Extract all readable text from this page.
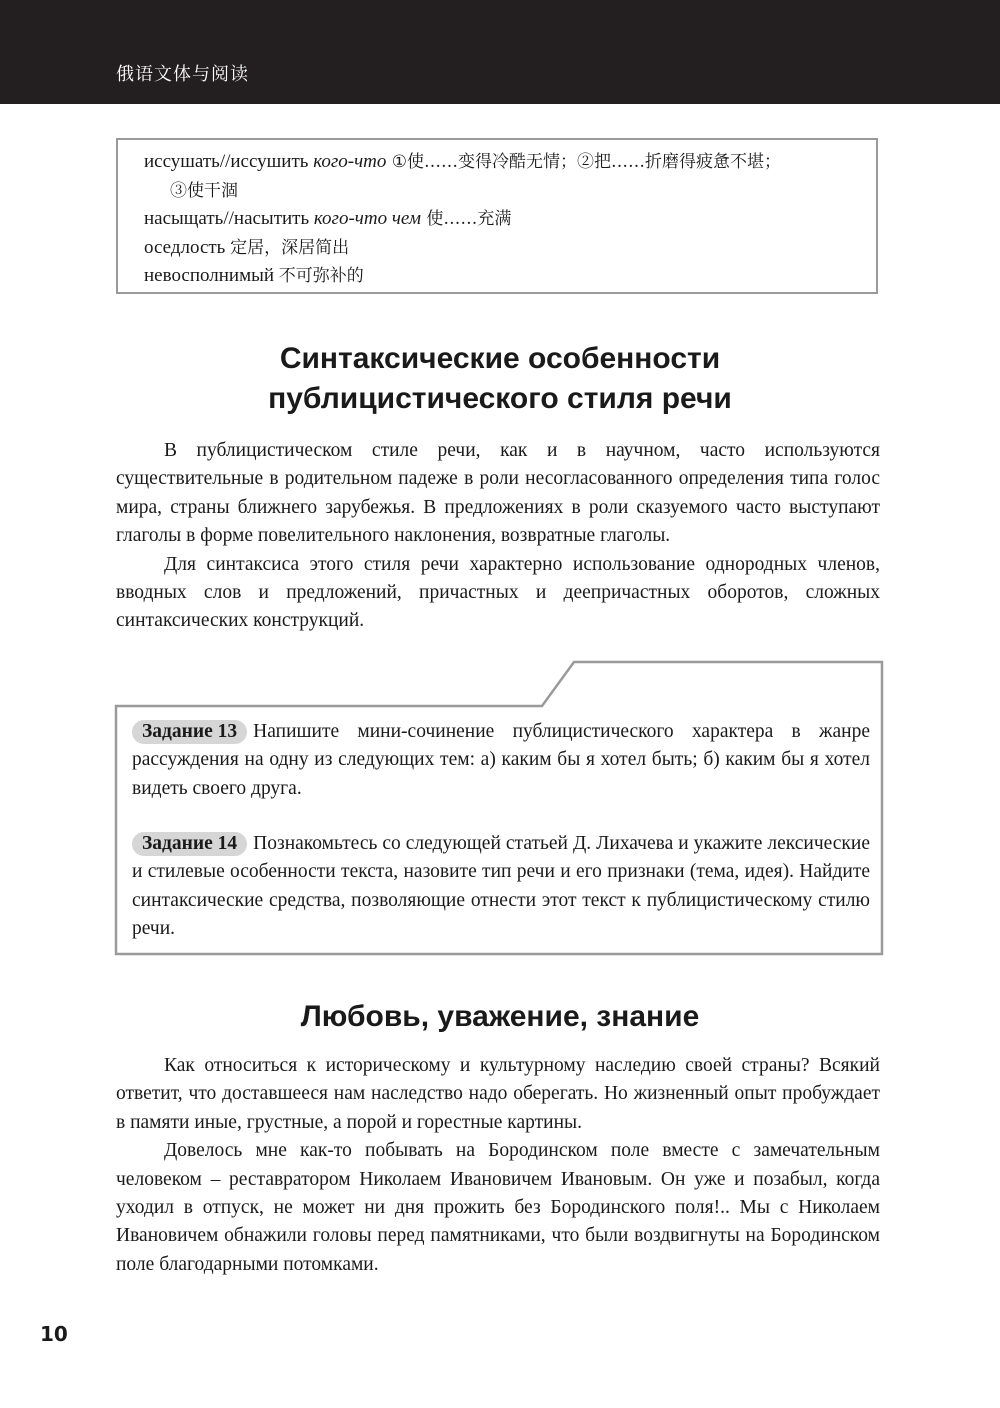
俄语文体与阅读
иссушать//иссушить кого-что ①使……变得冷酷无情；②把……折磨得疲惫不堪；
③使干涸
насыщать//насытить кого-что чем 使……充满
оседлость 定居，深居简出
невосполнимый 不可弥补的
Синтаксические особенности
публицистического стиля речи

В публицистическом стиле речи, как и в научном, часто используются существительные в родительном падеже в роли несогласованного определения типа голос мира, страны ближнего зарубежья. В предложениях в роли сказуемого часто выступают глаголы в форме повелительного наклонения, возвратные глаголы.

Для синтаксиса этого стиля речи характерно использование однородных членов, вводных слов и предложений, причастных и деепричастных оборотов, сложных синтаксических конструкций.

Задание 13 Напишите мини-сочинение публицистического характера в жанре рассуждения на одну из следующих тем: а) каким бы я хотел быть; б) каким бы я хотел видеть своего друга.

Задание 14 Познакомьтесь со следующей статьей Д. Лихачева и укажите лексические и стилевые особенности текста, назовите тип речи и его признаки (тема, идея). Найдите синтаксические средства, позволяющие отнести этот текст к публицистическому стилю речи.

Любовь, уважение, знание

Как относиться к историческому и культурному наследию своей страны? Всякий ответит, что доставшееся нам наследство надо оберегать. Но жизненный опыт пробуждает в памяти иные, грустные, а порой и горестные картины.

Довелось мне как-то побывать на Бородинском поле вместе с замечательным человеком – реставратором Николаем Ивановичем Ивановым. Он уже и позабыл, когда уходил в отпуск, не может ни дня прожить без Бородинского поля!.. Мы с Николаем Ивановичем обнажили головы перед памятниками, что были воздвигнуты на Бородинском поле благодарными потомками.

10
